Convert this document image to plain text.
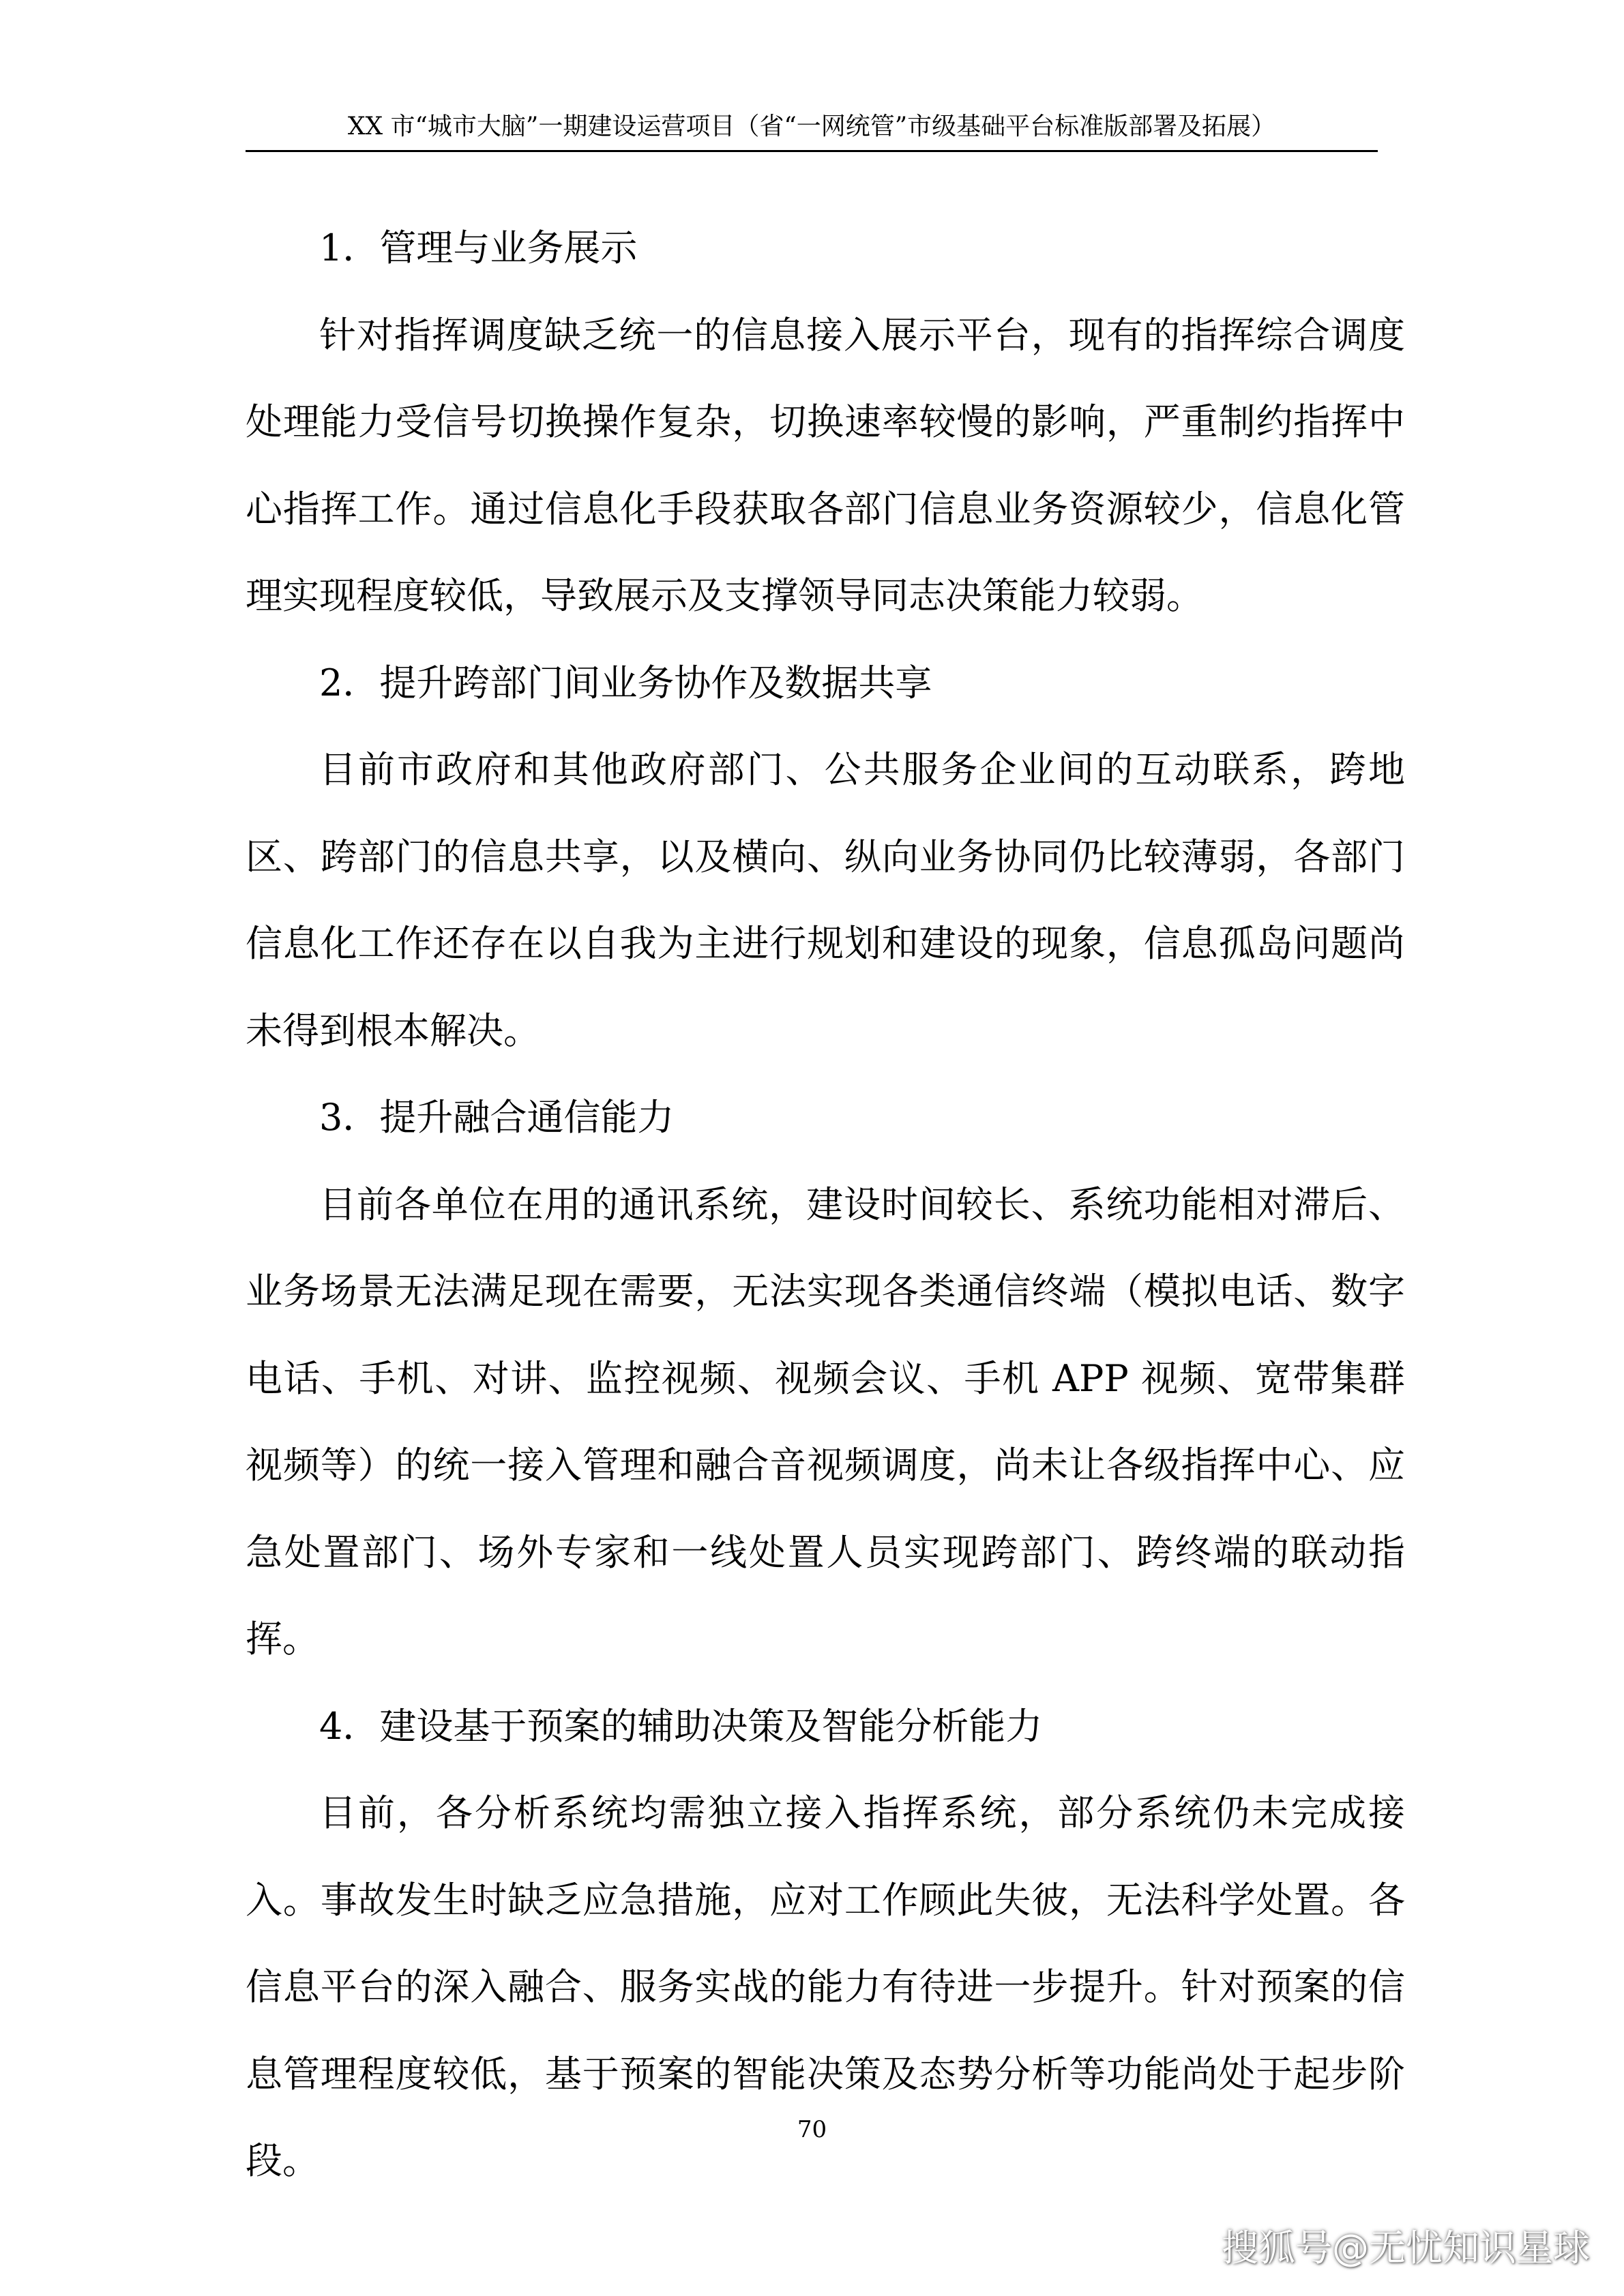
XX 市“城市大脑”一期建设运营项目（省“一网统管”市级基础平台标准版部署及拓展）

1．管理与业务展示

针对指挥调度缺乏统一的信息接入展示平台，现有的指挥综合调度处理能力受信号切换操作复杂，切换速率较慢的影响，严重制约指挥中心指挥工作。通过信息化手段获取各部门信息业务资源较少，信息化管理实现程度较低，导致展示及支撑领导同志决策能力较弱。

2．提升跨部门间业务协作及数据共享

目前市政府和其他政府部门、公共服务企业间的互动联系，跨地区、跨部门的信息共享，以及横向、纵向业务协同仍比较薄弱，各部门信息化工作还存在以自我为主进行规划和建设的现象，信息孤岛问题尚未得到根本解决。

3．提升融合通信能力

目前各单位在用的通讯系统，建设时间较长、系统功能相对滞后、业务场景无法满足现在需要，无法实现各类通信终端（模拟电话、数字电话、手机、对讲、监控视频、视频会议、手机 APP 视频、宽带集群视频等）的统一接入管理和融合音视频调度，尚未让各级指挥中心、应急处置部门、场外专家和一线处置人员实现跨部门、跨终端的联动指挥。

4．建设基于预案的辅助决策及智能分析能力

目前，各分析系统均需独立接入指挥系统，部分系统仍未完成接入。事故发生时缺乏应急措施，应对工作顾此失彼，无法科学处置。各信息平台的深入融合、服务实战的能力有待进一步提升。针对预案的信息管理程度较低，基于预案的智能决策及态势分析等功能尚处于起步阶段。

70
搜狐号@无忧知识星球
